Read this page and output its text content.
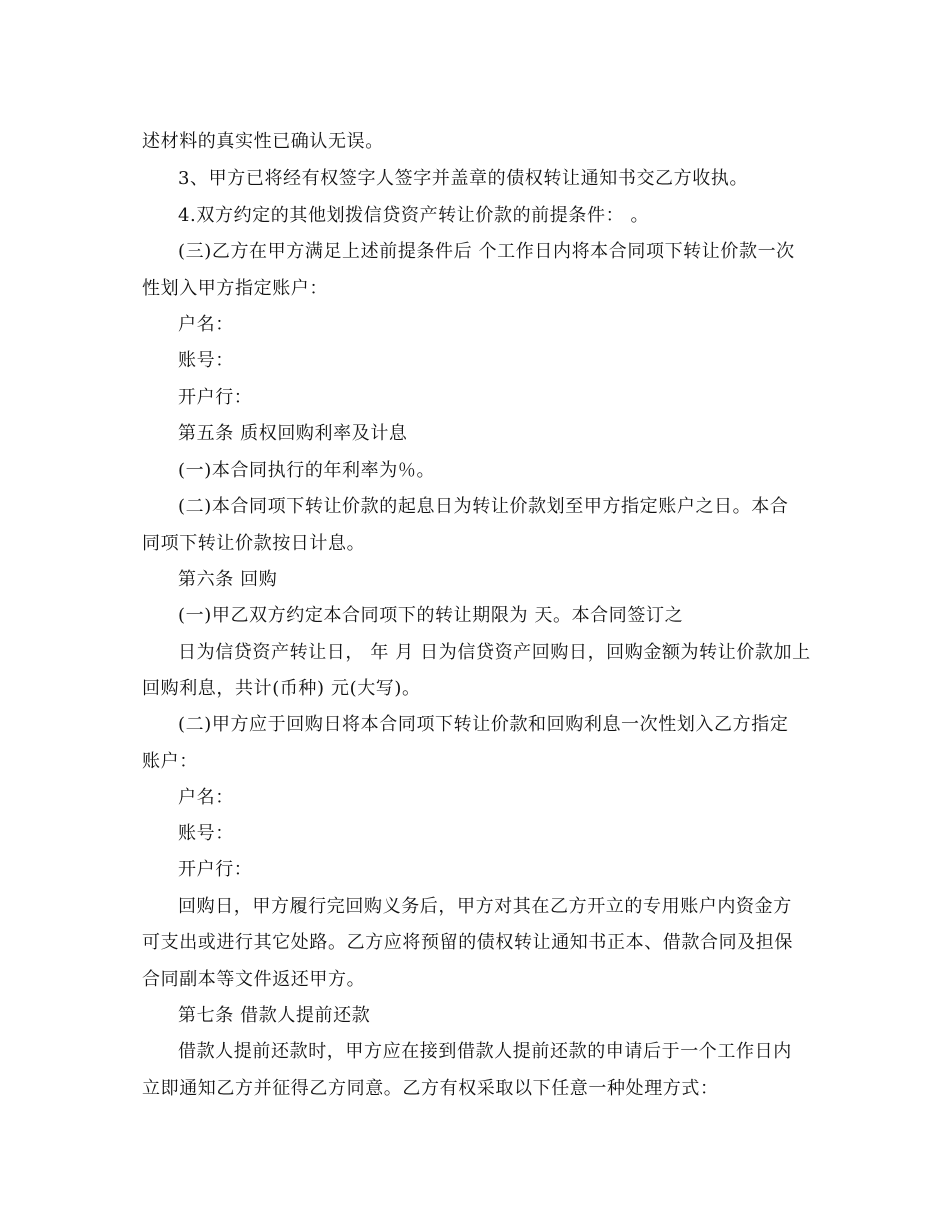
述材料的真实性已确认无误。
3、甲方已将经有权签字人签字并盖章的债权转让通知书交乙方收执。
4.双方约定的其他划拨信贷资产转让价款的前提条件： 。
(三)乙方在甲方满足上述前提条件后 个工作日内将本合同项下转让价款一次
性划入甲方指定账户：
户名：
账号：
开户行：
第五条 质权回购利率及计息
(一)本合同执行的年利率为％。
(二)本合同项下转让价款的起息日为转让价款划至甲方指定账户之日。本合
同项下转让价款按日计息。
第六条 回购
(一)甲乙双方约定本合同项下的转让期限为 天。本合同签订之
日为信贷资产转让日， 年 月 日为信贷资产回购日，回购金额为转让价款加上
回购利息，共计(币种) 元(大写)。
(二)甲方应于回购日将本合同项下转让价款和回购利息一次性划入乙方指定
账户：
户名：
账号：
开户行：
回购日，甲方履行完回购义务后，甲方对其在乙方开立的专用账户内资金方
可支出或进行其它处路。乙方应将预留的债权转让通知书正本、借款合同及担保
合同副本等文件返还甲方。
第七条 借款人提前还款
借款人提前还款时，甲方应在接到借款人提前还款的申请后于一个工作日内
立即通知乙方并征得乙方同意。乙方有权采取以下任意一种处理方式：
